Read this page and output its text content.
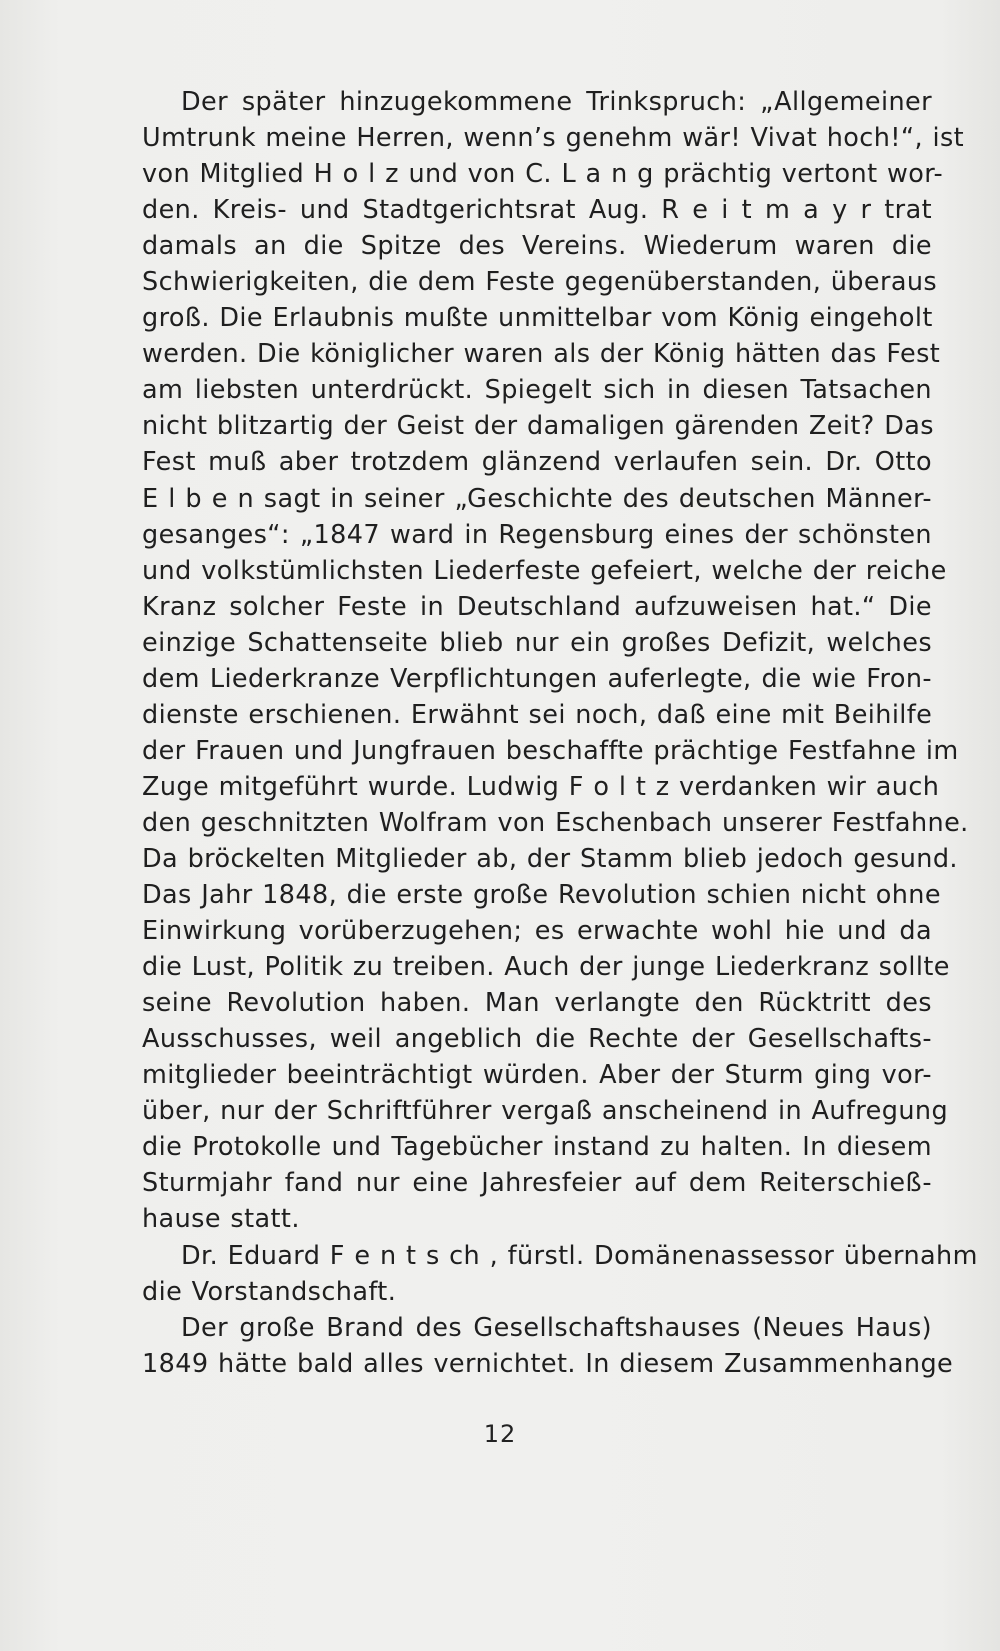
Der später hinzugekommene Trinkspruch: „Allgemeiner
Umtrunk meine Herren, wenn’s genehm wär! Vivat hoch!“, ist
von Mitglied H o l z und von C. L a n g prächtig vertont wor-
den. Kreis- und Stadtgerichtsrat Aug. R e i t m a y r trat
damals an die Spitze des Vereins. Wiederum waren die
Schwierigkeiten, die dem Feste gegenüberstanden, überaus
groß. Die Erlaubnis mußte unmittelbar vom König eingeholt
werden. Die königlicher waren als der König hätten das Fest
am liebsten unterdrückt. Spiegelt sich in diesen Tatsachen
nicht blitzartig der Geist der damaligen gärenden Zeit? Das
Fest muß aber trotzdem glänzend verlaufen sein. Dr. Otto
E l b e n sagt in seiner „Geschichte des deutschen Männer-
gesanges“: „1847 ward in Regensburg eines der schönsten
und volkstümlichsten Liederfeste gefeiert, welche der reiche
Kranz solcher Feste in Deutschland aufzuweisen hat.“ Die
einzige Schattenseite blieb nur ein großes Defizit, welches
dem Liederkranze Verpflichtungen auferlegte, die wie Fron-
dienste erschienen. Erwähnt sei noch, daß eine mit Beihilfe
der Frauen und Jungfrauen beschaffte prächtige Festfahne im
Zuge mitgeführt wurde. Ludwig F o l t z verdanken wir auch
den geschnitzten Wolfram von Eschenbach unserer Festfahne.
Da bröckelten Mitglieder ab, der Stamm blieb jedoch gesund.
Das Jahr 1848, die erste große Revolution schien nicht ohne
Einwirkung vorüberzugehen; es erwachte wohl hie und da
die Lust, Politik zu treiben. Auch der junge Liederkranz sollte
seine Revolution haben. Man verlangte den Rücktritt des
Ausschusses, weil angeblich die Rechte der Gesellschafts-
mitglieder beeinträchtigt würden. Aber der Sturm ging vor-
über, nur der Schriftführer vergaß anscheinend in Aufregung
die Protokolle und Tagebücher instand zu halten. In diesem
Sturmjahr fand nur eine Jahresfeier auf dem Reiterschieß-
hause statt.
Dr. Eduard F e n t s ch , fürstl. Domänenassessor übernahm
die Vorstandschaft.
Der große Brand des Gesellschaftshauses (Neues Haus)
1849 hätte bald alles vernichtet. In diesem Zusammenhange
12
